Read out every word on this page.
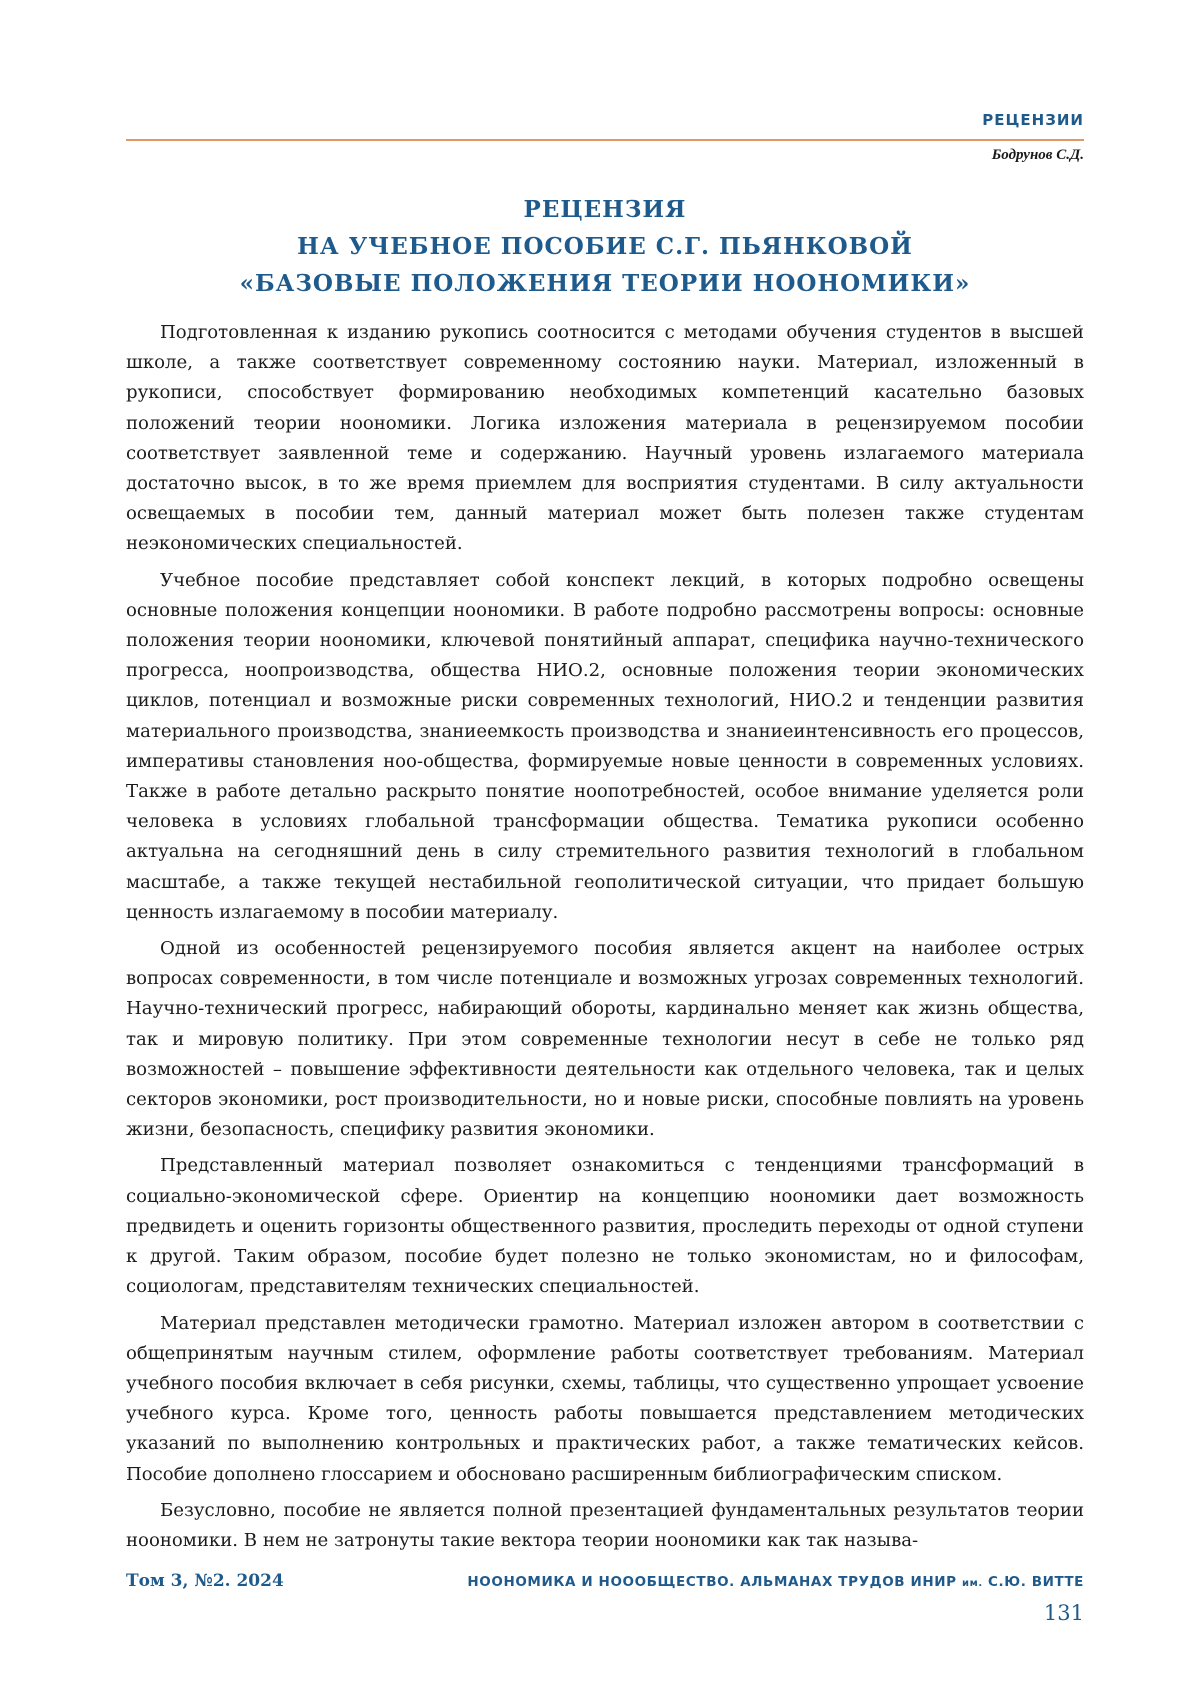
РЕЦЕНЗИИ
Бодрунов С.Д.
РЕЦЕНЗИЯ
НА УЧЕБНОЕ ПОСОБИЕ С.Г. ПЬЯНКОВОЙ
«БАЗОВЫЕ ПОЛОЖЕНИЯ ТЕОРИИ НООНОМИКИ»

Подготовленная к изданию рукопись соотносится с методами обучения студентов в высшей школе, а также соответствует современному состоянию науки. Материал, изложенный в рукописи, способствует формированию необходимых компетенций касательно базовых положений теории ноономики. Логика изложения материала в рецензируемом пособии соответствует заявленной теме и содержанию. Научный уровень излагаемого материала достаточно высок, в то же время приемлем для восприятия студентами. В силу актуальности освещаемых в пособии тем, данный материал может быть полезен также студентам неэкономических специальностей.

Учебное пособие представляет собой конспект лекций, в которых подробно освещены основные положения концепции ноономики. В работе подробно рассмотрены вопросы: основные положения теории ноономики, ключевой понятийный аппарат, специфика научно-технического прогресса, нoопроизводства, общества НИО.2, основные положения теории экономических циклов, потенциал и возможные риски современных технологий, НИО.2 и тенденции развития материального производства, знаниеемкость производства и знаниеинтенсивность его процессов, императивы становления ноо-общества, формируемые новые ценности в современных условиях. Также в работе детально раскрыто понятие ноопотребностей, особое внимание уделяется роли человека в условиях глобальной трансформации общества. Тематика рукописи особенно актуальна на сегодняшний день в силу стремительного развития технологий в глобальном масштабе, а также текущей нестабильной геополитической ситуации, что придает большую ценность излагаемому в пособии материалу.

Одной из особенностей рецензируемого пособия является акцент на наиболее острых вопросах современности, в том числе потенциале и возможных угрозах современных технологий. Научно-технический прогресс, набирающий обороты, кардинально меняет как жизнь общества, так и мировую политику. При этом современные технологии несут в себе не только ряд возможностей – повышение эффективности деятельности как отдельного человека, так и целых секторов экономики, рост производительности, но и новые риски, способные повлиять на уровень жизни, безопасность, специфику развития экономики.

Представленный материал позволяет ознакомиться с тенденциями трансформаций в социально-экономической сфере. Ориентир на концепцию ноономики дает возможность предвидеть и оценить горизонты общественного развития, проследить переходы от одной ступени к другой. Таким образом, пособие будет полезно не только экономистам, но и философам, социологам, представителям технических специальностей.

Материал представлен методически грамотно. Материал изложен автором в соответствии с общепринятым научным стилем, оформление работы соответствует требованиям. Материал учебного пособия включает в себя рисунки, схемы, таблицы, что существенно упрощает усвоение учебного курса. Кроме того, ценность работы повышается представлением методических указаний по выполнению контрольных и практических работ, а также тематических кейсов. Пособие дополнено глоссарием и обосновано расширенным библиографическим списком.

Безусловно, пособие не является полной презентацией фундаментальных результатов теории ноономики. В нем не затронуты такие вектора теории ноономики как так называ-

Том 3, №2. 2024	НООНОМИКА И НОООБЩЕСТВО. АЛЬМАНАХ ТРУДОВ ИНИР им. С.Ю. ВИТТЕ
131
